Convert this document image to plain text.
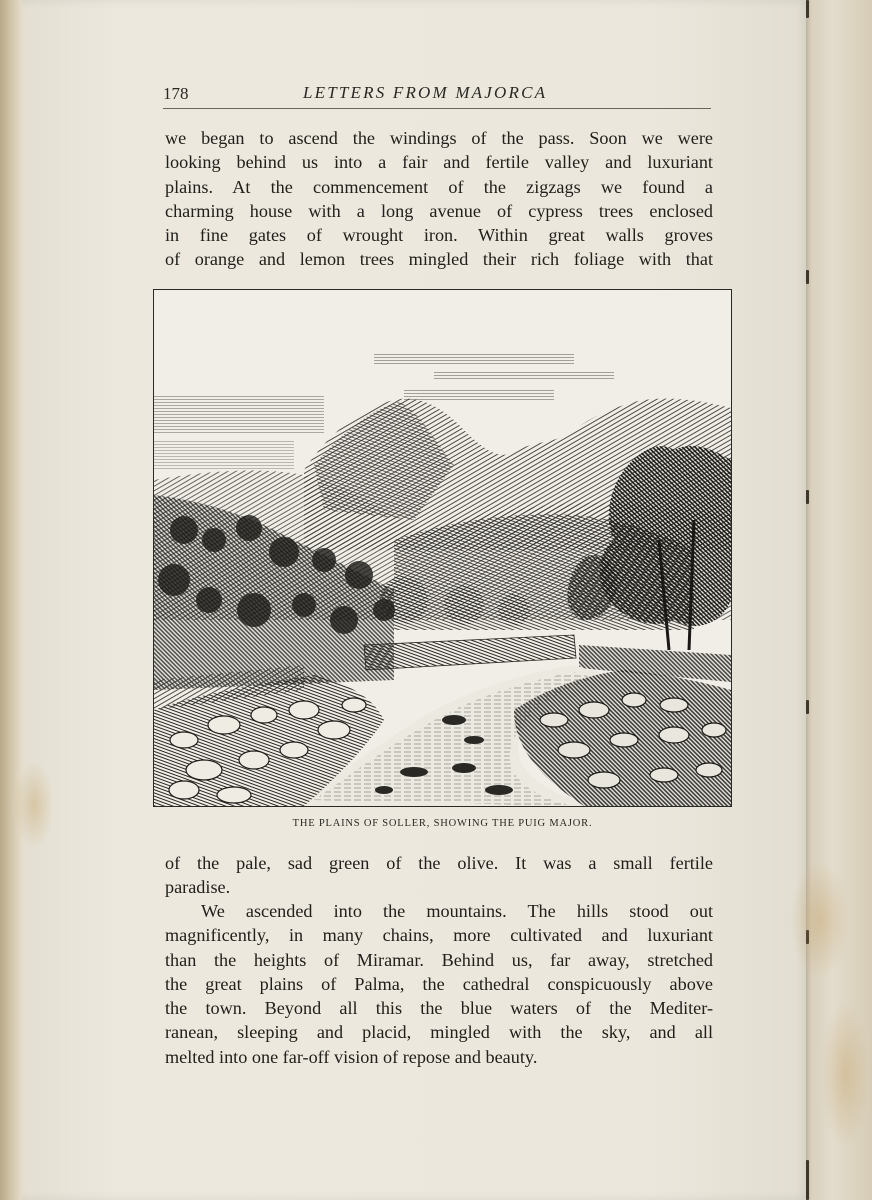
178	LETTERS FROM MAJORCA
we began to ascend the windings of the pass. Soon we were
looking behind us into a fair and fertile valley and luxuriant
plains. At the commencement of the zigzags we found a
charming house with a long avenue of cypress trees enclosed
in fine gates of wrought iron. Within great walls groves
of orange and lemon trees mingled their rich foliage with that
THE PLAINS OF SOLLER, SHOWING THE PUIG MAJOR.
of the pale, sad green of the olive. It was a small fertile
paradise.
We ascended into the mountains. The hills stood out
magnificently, in many chains, more cultivated and luxuriant
than the heights of Miramar. Behind us, far away, stretched
the great plains of Palma, the cathedral conspicuously above
the town. Beyond all this the blue waters of the Mediter-
ranean, sleeping and placid, mingled with the sky, and all
melted into one far-off vision of repose and beauty.
